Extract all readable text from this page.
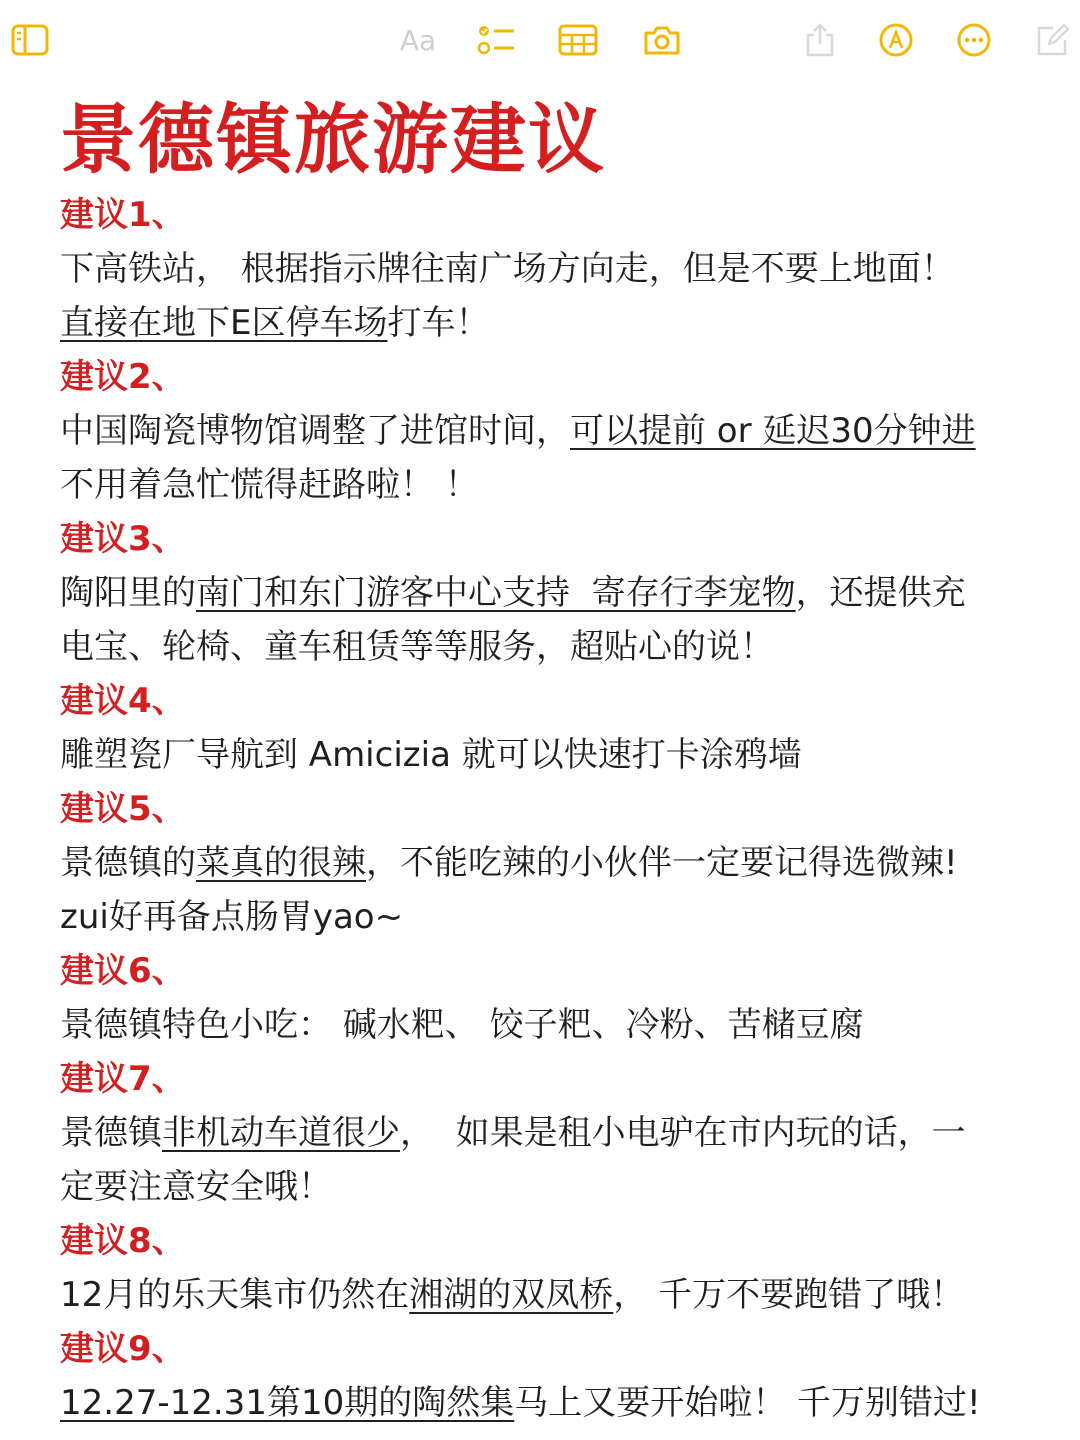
Aa
景德镇旅游建议
建议1、
下高铁站， 根据指示牌往南广场方向走，但是不要上地面！
直接在地下E区停车场打车！
建议2、
中国陶瓷博物馆调整了进馆时间，可以提前 or 延迟30分钟进
不用着急忙慌得赶路啦！ ！
建议3、
陶阳里的南门和东门游客中心支持  寄存行李宠物，还提供充
电宝、轮椅、童车租赁等等服务，超贴心的说！
建议4、
雕塑瓷厂导航到 Amicizia 就可以快速打卡涂鸦墙
建议5、
景德镇的菜真的很辣，不能吃辣的小伙伴一定要记得选微辣!
zui好再备点肠胃yao~
建议6、
景德镇特色小吃： 碱水粑、 饺子粑、冷粉、苦槠豆腐
建议7、
景德镇非机动车道很少，  如果是租小电驴在市内玩的话，一
定要注意安全哦！
建议8、
12月的乐天集市仍然在湘湖的双凤桥， 千万不要跑错了哦！
建议9、
12.27-12.31第10期的陶然集马上又要开始啦！ 千万别错过!
